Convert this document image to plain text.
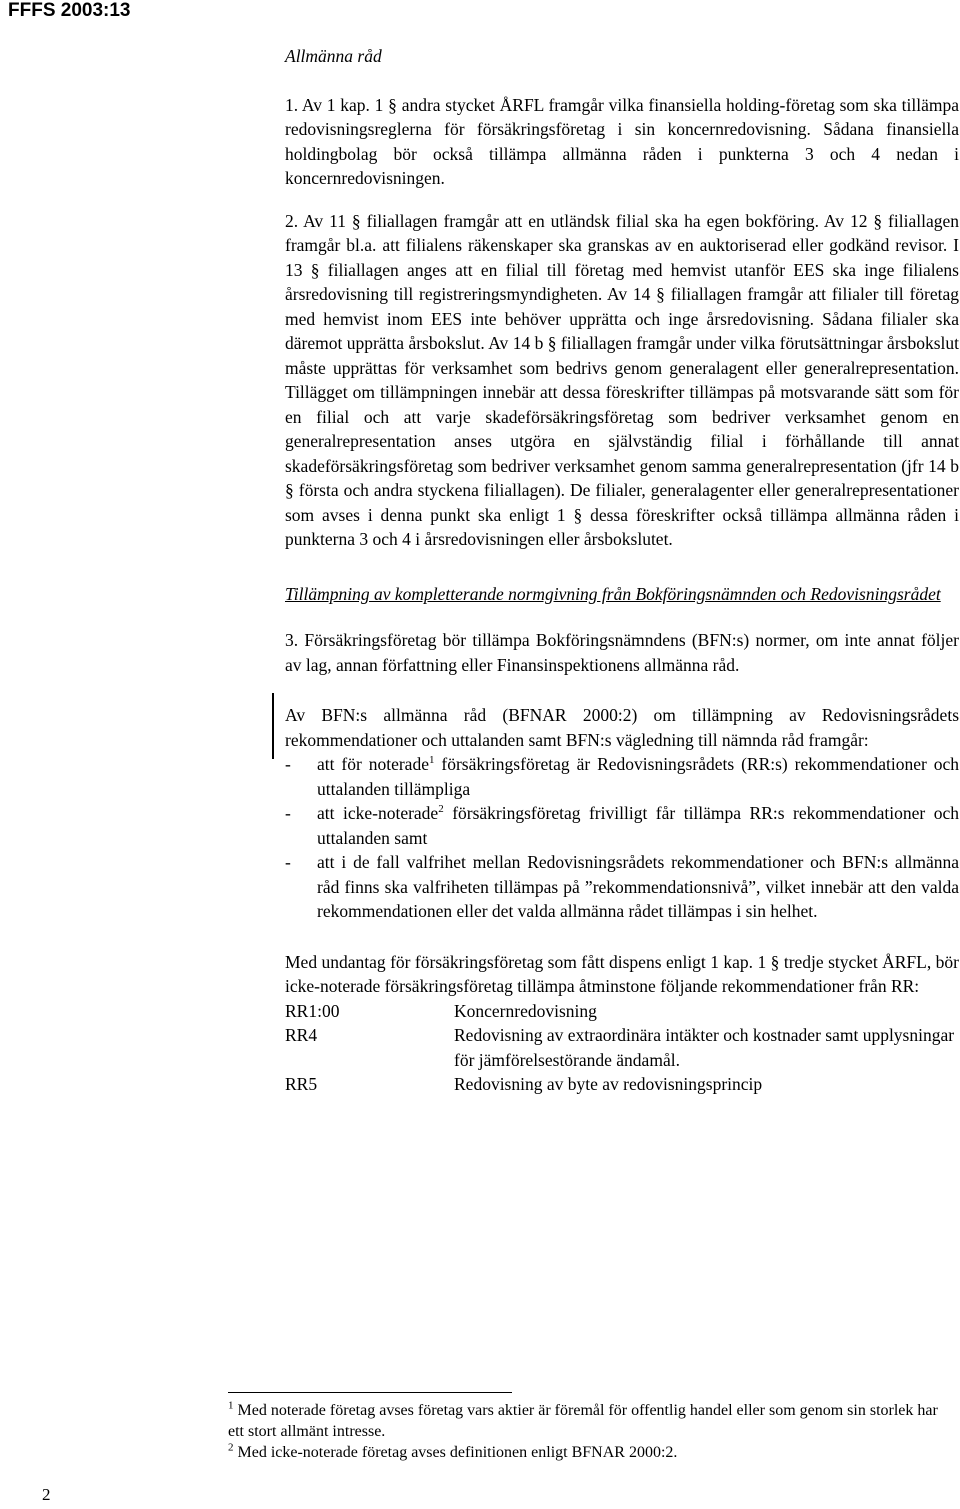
FFFS 2003:13

Allmänna råd

1. Av 1 kap. 1 § andra stycket ÅRFL framgår vilka finansiella holding-företag som ska tillämpa redovisningsreglerna för försäkringsföretag i sin koncernredovisning. Sådana finansiella holdingbolag bör också tillämpa allmänna råden i punkterna 3 och 4 nedan i koncernredovisningen.

2. Av 11 § filiallagen framgår att en utländsk filial ska ha egen bokföring. Av 12 § filiallagen framgår bl.a. att filialens räkenskaper ska granskas av en auktoriserad eller godkänd revisor. I 13 § filiallagen anges att en filial till företag med hemvist utanför EES ska inge filialens årsredovisning till registreringsmyndigheten. Av 14 § filiallagen framgår att filialer till företag med hemvist inom EES inte behöver upprätta och inge årsredovisning. Sådana filialer ska däremot upprätta årsbokslut. Av 14 b § filiallagen framgår under vilka förutsättningar årsbokslut måste upprättas för verksamhet som bedrivs genom generalagent eller generalrepresentation. Tillägget om tillämpningen innebär att dessa föreskrifter tillämpas på motsvarande sätt som för en filial och att varje skadeförsäkringsföretag som bedriver verksamhet genom en generalrepresentation anses utgöra en självständig filial i förhållande till annat skadeförsäkringsföretag som bedriver verksamhet genom samma generalrepresentation (jfr 14 b § första och andra styckena filiallagen). De filialer, generalagenter eller generalrepresentationer som avses i denna punkt ska enligt 1 § dessa föreskrifter också tillämpa allmänna råden i punkterna 3 och 4 i årsredovisningen eller årsbokslutet.

Tillämpning av kompletterande normgivning från Bokföringsnämnden och Redovisningsrådet

3. Försäkringsföretag bör tillämpa Bokföringsnämndens (BFN:s) normer, om inte annat följer av lag, annan författning eller Finansinspektionens allmänna råd.

Av BFN:s allmänna råd (BFNAR 2000:2) om tillämpning av Redovisningsrådets rekommendationer och uttalanden samt BFN:s vägledning till nämnda råd framgår:

-	att för noterade$^1$ försäkringsföretag är Redovisningsrådets (RR:s) rekommendationer och uttalanden tillämpliga
-	att icke-noterade$^2$ försäkringsföretag frivilligt får tillämpa RR:s rekommendationer och uttalanden samt
-	att i de fall valfrihet mellan Redovisningsrådets rekommendationer och BFN:s allmänna råd finns ska valfriheten tillämpas på ”rekommendationsnivå”, vilket innebär att den valda rekommendationen eller det valda allmänna rådet tillämpas i sin helhet.

Med undantag för försäkringsföretag som fått dispens enligt 1 kap. 1 § tredje stycket ÅRFL, bör icke-noterade försäkringsföretag tillämpa åtminstone följande rekommendationer från RR:

RR1:00	Koncernredovisning
RR4	Redovisning av extraordinära intäkter och kostnader samt upplysningar för jämförelsestörande ändamål.
RR5	Redovisning av byte av redovisningsprincip

$^1$ Med noterade företag avses företag vars aktier är föremål för offentlig handel eller som genom sin storlek har ett stort allmänt intresse.

$^2$ Med icke-noterade företag avses definitionen enligt BFNAR 2000:2.

2
